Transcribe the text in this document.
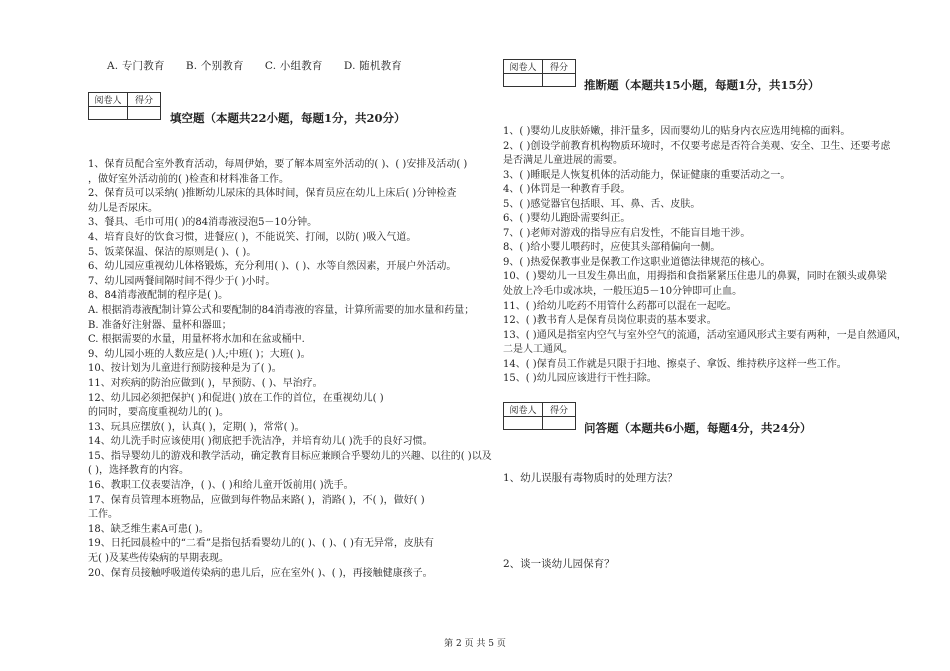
A. 专门教育      B. 个别教育      C. 小组教育      D. 随机教育
阅卷人	得分

填空题（本题共22小题，每题1分，共20分）
1、保育员配合室外教育活动，每周伊始，要了解本周室外活动的( )、( )安排及活动( )
，做好室外活动前的( )检查和材料准备工作。
2、保育员可以采纳( )推断幼儿尿床的具体时间，保育员应在幼儿上床后( )分钟检查
幼儿是否尿床。
3、餐具、毛巾可用( )的84消毒液浸泡5－10分钟。
4、培育良好的饮食习惯，进餐应( )，不能说笑、打闹，以防( )吸入气道。
5、饭菜保温、保洁的原则是( )、( )。
6、幼儿园应重视幼儿体格锻炼，充分利用( )、( )、水等自然因素，开展户外活动。
7、幼儿园两餐间隔时间不得少于( )小时。
8、84消毒液配制的程序是( )。
A. 根据消毒液配制计算公式和要配制的84消毒液的容量，计算所需要的加水量和药量；
B. 准备好注射器、量杯和器皿；
C. 根据需要的水量，用量杯将水加和在盆或桶中.
9、幼儿园小班的人数应是( )人;中班( )；大班( )。
10、按计划为儿童进行预防接种是为了( )。
11、对疾病的防治应做到( )，早预防、( )、早治疗。
12、幼儿园必须把保护( )和促进( )放在工作的首位，在重视幼儿( )
的同时，要高度重视幼儿的( )。
13、玩具应摆放( )，认真( )，定期( )，常常( )。
14、幼儿洗手时应该使用( )彻底把手洗洁净，并培育幼儿( )洗手的良好习惯。
15、指导婴幼儿的游戏和教学活动，确定教育目标应兼顾合乎婴幼儿的兴趣、以往的( )以及
( )，选择教育的内容。
16、教职工仪表要洁净，( )、( )和给儿童开饭前用( )洗手。
17、保育员管理本班物品，应做到每件物品来路( )，消路( )，不( )，做好( )
工作。
18、缺乏维生素A可患( )。
19、日托园晨检中的“二看”是指包括看婴幼儿的( )、( )、( )有无异常，皮肤有
无( )及某些传染病的早期表现。
20、保育员接触呼吸道传染病的患儿后，应在室外( )、( )，再接触健康孩子。
阅卷人	得分

推断题（本题共15小题，每题1分，共15分）
1、( )婴幼儿皮肤娇嫩，排汗量多，因而婴幼儿的贴身内衣应选用纯棉的面料。
2、( )创设学前教育机构物质环境时，不仅要考虑是否符合美观、安全、卫生、还要考虑
是否满足儿童进展的需要。
3、( )睡眠是人恢复机体的活动能力，保证健康的重要活动之一。
4、( )体罚是一种教育手段。
5、( )感觉器官包括眼、耳、鼻、舌、皮肤。
6、( )婴幼儿跑卧需要纠正。
7、( )老师对游戏的指导应有启发性，不能盲目地干涉。
8、( )给小婴儿喂药时，应使其头部稍偏向一侧。
9、( )热爱保教事业是保教工作这职业道德法律规范的核心。
10、( )婴幼儿一旦发生鼻出血，用拇指和食指紧紧压住患儿的鼻翼，同时在额头或鼻梁
处放上冷毛巾或冰块，一般压迫5－10分钟即可止血。
11、( )给幼儿吃药不用管什么药都可以混在一起吃。
12、( )教书育人是保育员岗位职责的基本要求。
13、( )通风是指室内空气与室外空气的流通，活动室通风形式主要有两种，一是自然通风，
二是人工通风。
14、( )保育员工作就是只限于扫地、擦桌子、拿饭、维持秩序这样一些工作。
15、( )幼儿园应该进行干性扫除。
阅卷人	得分

问答题（本题共6小题，每题4分，共24分）
1、幼儿误服有毒物质时的处理方法？
2、谈一谈幼儿园保育？
第 2 页 共 5 页
